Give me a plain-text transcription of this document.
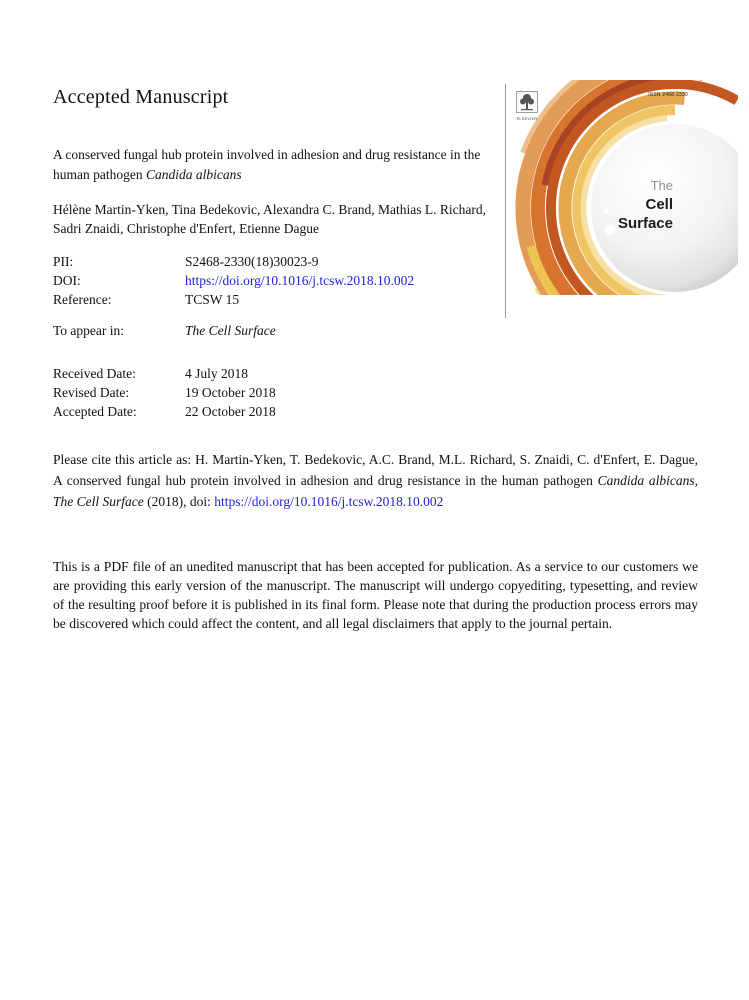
Accepted Manuscript
A conserved fungal hub protein involved in adhesion and drug resistance in the human pathogen Candida albicans
Hélène Martin-Yken, Tina Bedekovic, Alexandra C. Brand, Mathias L. Richard, Sadri Znaidi, Christophe d'Enfert, Etienne Dague
PII:	S2468-2330(18)30023-9
DOI:	https://doi.org/10.1016/j.tcsw.2018.10.002
Reference:	TCSW 15
To appear in:	The Cell Surface
Received Date:	4 July 2018
Revised Date:	19 October 2018
Accepted Date:	22 October 2018
Please cite this article as: H. Martin-Yken, T. Bedekovic, A.C. Brand, M.L. Richard, S. Znaidi, C. d'Enfert, E. Dague, A conserved fungal hub protein involved in adhesion and drug resistance in the human pathogen Candida albicans, The Cell Surface (2018), doi: https://doi.org/10.1016/j.tcsw.2018.10.002
This is a PDF file of an unedited manuscript that has been accepted for publication. As a service to our customers we are providing this early version of the manuscript. The manuscript will undergo copyediting, typesetting, and review of the resulting proof before it is published in its final form. Please note that during the production process errors may be discovered which could affect the content, and all legal disclaimers that apply to the journal pertain.
The
Cell
Surface
ELSEVIER
ISSN 2468-2330
